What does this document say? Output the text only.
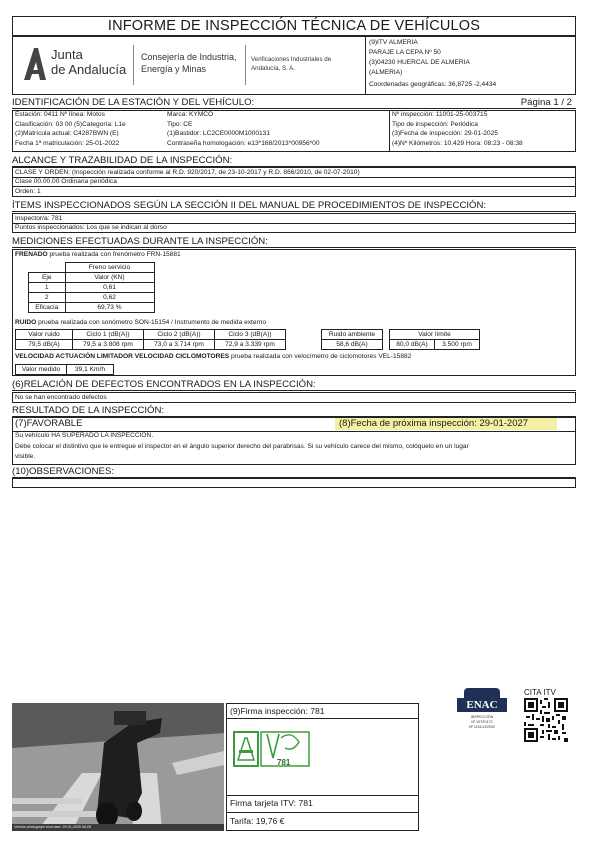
INFORME DE INSPECCIÓN TÉCNICA DE VEHÍCULOS
Junta
de Andalucía
Consejería de Industria,
Energía y Minas
Verificaciones Industriales de
Andalucía, S. A.
(9)ITV ALMERIA
PARAJE LA CEPA Nº 50
(3)04230 HUERCAL DE ALMERIA
(ALMERIA)
Coordenadas geográficas: 36,8725 -2,4434
IDENTIFICACIÓN DE LA ESTACIÓN Y DEL VEHÍCULO:	Página 1 / 2
Estación: 0411 Nº línea: Motos
Clasificación: 03 00 (5)Categoría: L1e
(2)Matrícula actual: C4287BWN (E)
Fecha 1ª matriculación: 25-01-2022
Marca: KYMCO
Tipo: CE
(1)Bastidor: LC2CE0000M1000131
Contraseña homologación: e13*168/2013*00956*00
Nº inspección: 11001-25-003715
Tipo de inspección: Periódica
(3)Fecha de inspección: 29-01-2025
(4)Nº Kilómetros: 10.429 Hora: 08:23 - 08:38
ALCANCE Y TRAZABILIDAD DE LA INSPECCIÓN:
CLASE Y ORDEN: (Inspección realizada conforme al R.D. 920/2017, de 23-10-2017 y R.D. 866/2010, de 02-07-2010)
Clase 00.00.00 Ordinaria periódica
Orden: 1
ÍTEMS INSPECCIONADOS SEGÚN LA SECCIÓN II DEL MANUAL DE PROCEDIMIENTOS DE INSPECCIÓN:
Inspector/a: 781
Puntos inspeccionados: Los que se indican al dorso
MEDICIONES EFECTUADAS DURANTE LA INSPECCIÓN:
FRENADO prueba realizada con frenómetro FRN-15881
	Freno servicio
Eje	Valor (KN)
1	0,61
2	0,62
Eficacia	69,73 %
RUIDO prueba realizada con sonómetro SON-15154 / Instrumento de medida externo
Valor ruido	Ciclo 1 (dB(A))	Ciclo 2 (dB(A))	Ciclo 3 (dB(A))
79,5 dB(A)	79,5 a 3.808 rpm	73,0 a 3.714 rpm	72,9 a 3.339 rpm
Ruido ambiente
58,6 dB(A)
Valor límite
80,0 dB(A)	3.500 rpm
VELOCIDAD ACTUACIÓN LIMITADOR VELOCIDAD CICLOMOTORES prueba realizada con velocímetro de ciclomotores VEL-15882
Valor medido	39,1 Km/h
(6)RELACIÓN DE DEFECTOS ENCONTRADOS EN LA INSPECCIÓN:
No se han encontrado defectos
RESULTADO DE LA INSPECCIÓN:
(7)FAVORABLE	(8)Fecha de próxima inspección: 29-01-2027
Su vehículo HA SUPERADO LA INSPECCIÓN.
Debe colocar el distintivo que le entregue el inspector en el ángulo superior derecho del parabrisas. Si su vehículo carece del mismo, colóquelo en un lugar
visible.
(10)OBSERVACIONES:
Vehicle photograph shot date: 29-01-2025 08:28
(9)Firma inspección: 781
781
Firma tarjeta ITV: 781
Tarifa: 19,76 €
ENAC
INSPECCIÓN
Nº 107/EI172
Nº 1151/LE2000
CITA ITV
